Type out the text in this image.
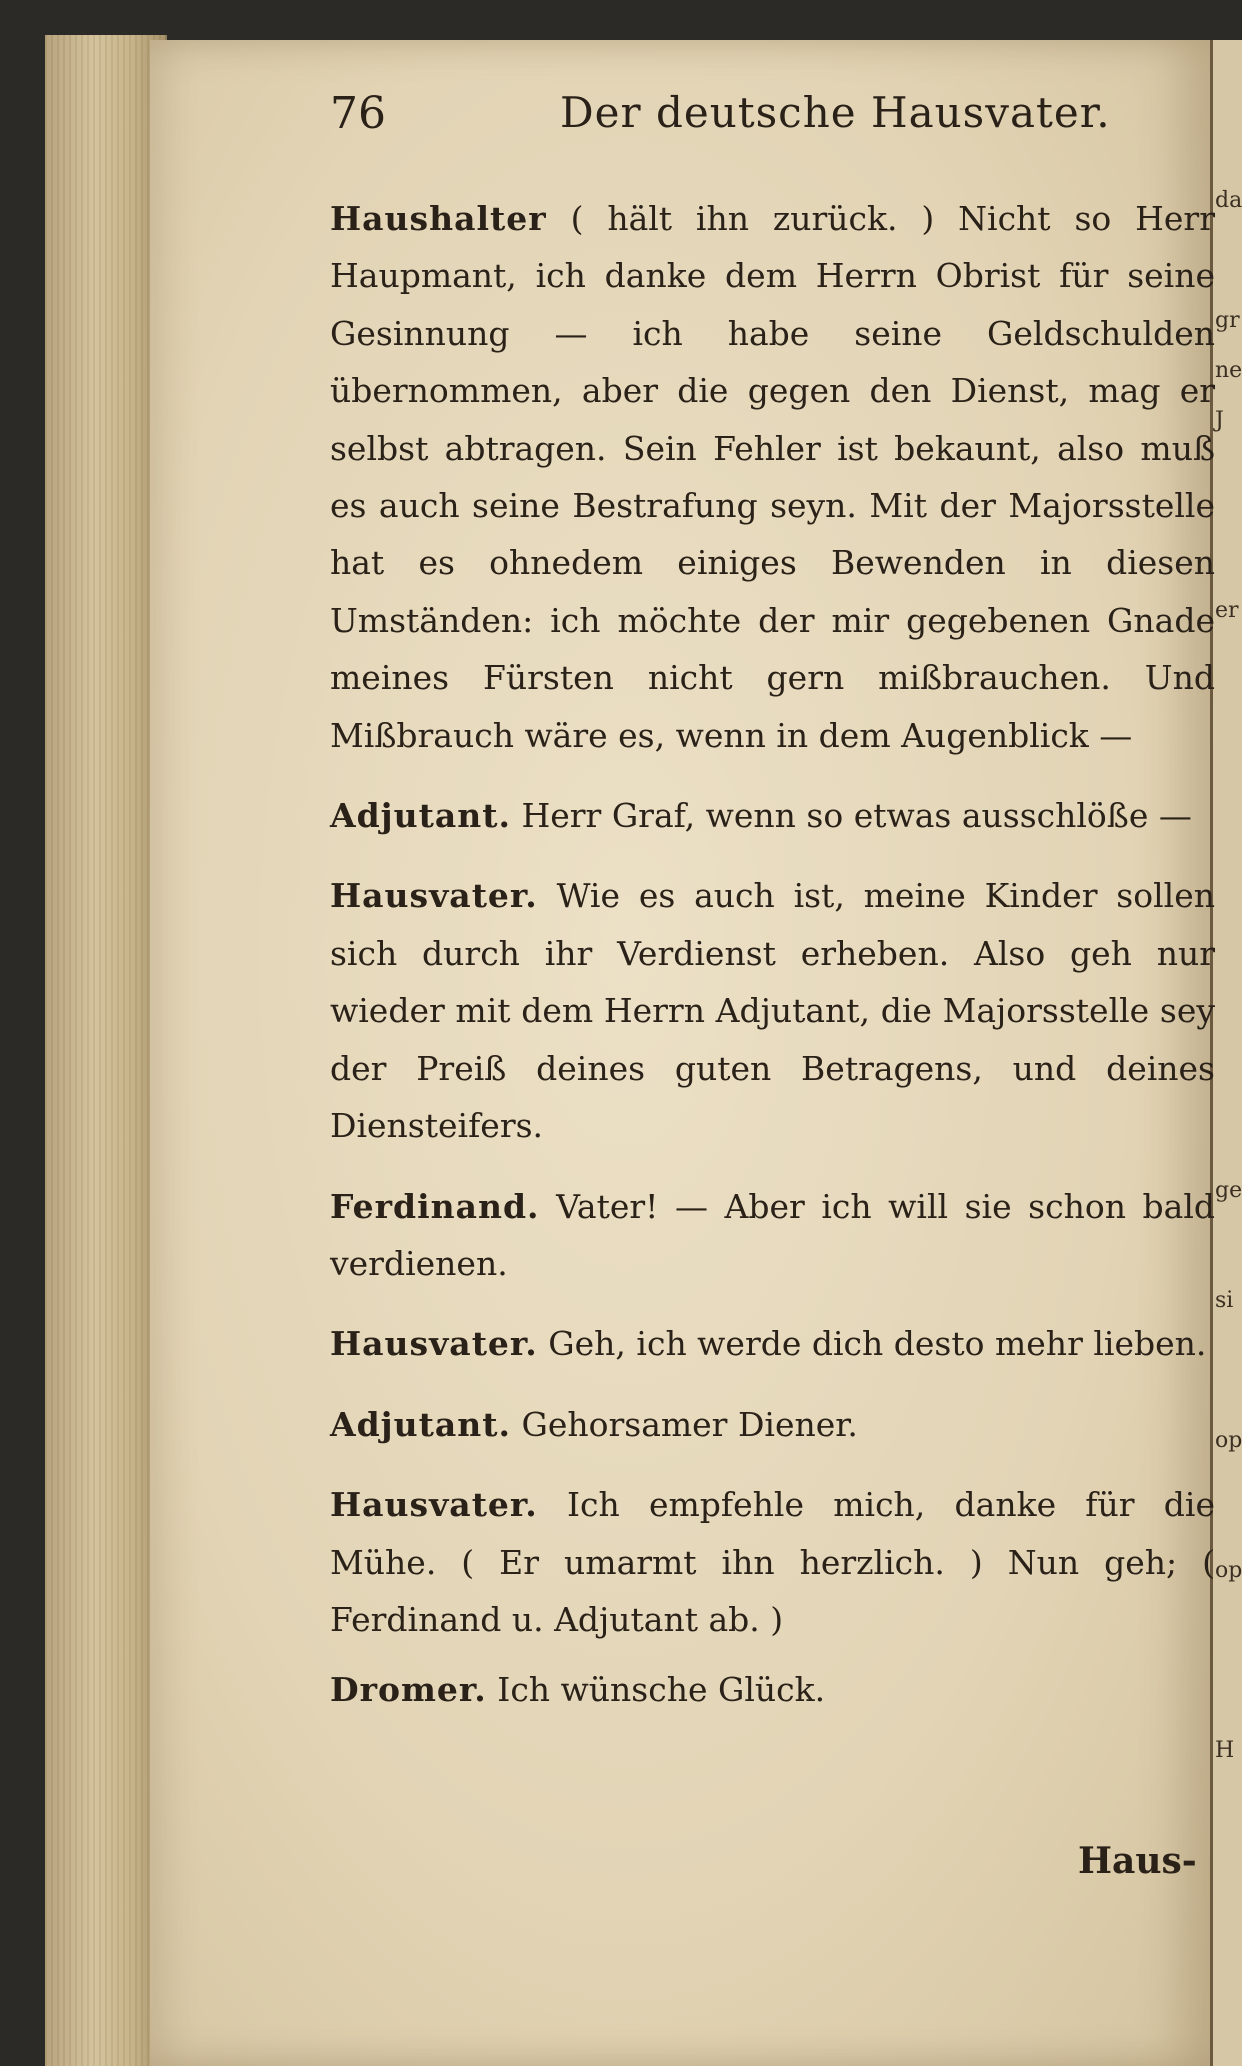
da
gr
ne
J
er
ge
si
op
op
H
76	Der deutsche Hausvater.

Haushalter ( hält ihn zurück. ) Nicht so Herr Haupmant, ich danke dem Herrn Obrist für seine Gesinnung — ich habe seine Geldschulden übernommen, aber die gegen den Dienst, mag er selbst abtragen. Sein Fehler ist bekaunt, also muß es auch seine Bestrafung seyn. Mit der Majorsstelle hat es ohnedem einiges Bewenden in diesen Umständen: ich möchte der mir gegebenen Gnade meines Fürsten nicht gern mißbrauchen. Und Mißbrauch wäre es, wenn in dem Augenblick —

Adjutant. Herr Graf, wenn so etwas ausschlöße —

Hausvater. Wie es auch ist, meine Kinder sollen sich durch ihr Verdienst erheben. Also geh nur wieder mit dem Herrn Adjutant, die Majorsstelle sey der Preiß deines guten Betragens, und deines Diensteifers.

Ferdinand. Vater! — Aber ich will sie schon bald verdienen.

Hausvater. Geh, ich werde dich desto mehr lieben.

Adjutant. Gehorsamer Diener.

Hausvater. Ich empfehle mich, danke für die Mühe. ( Er umarmt ihn herzlich. ) Nun geh; ( Ferdinand u. Adjutant ab. )

Dromer. Ich wünsche Glück.

Haus-
